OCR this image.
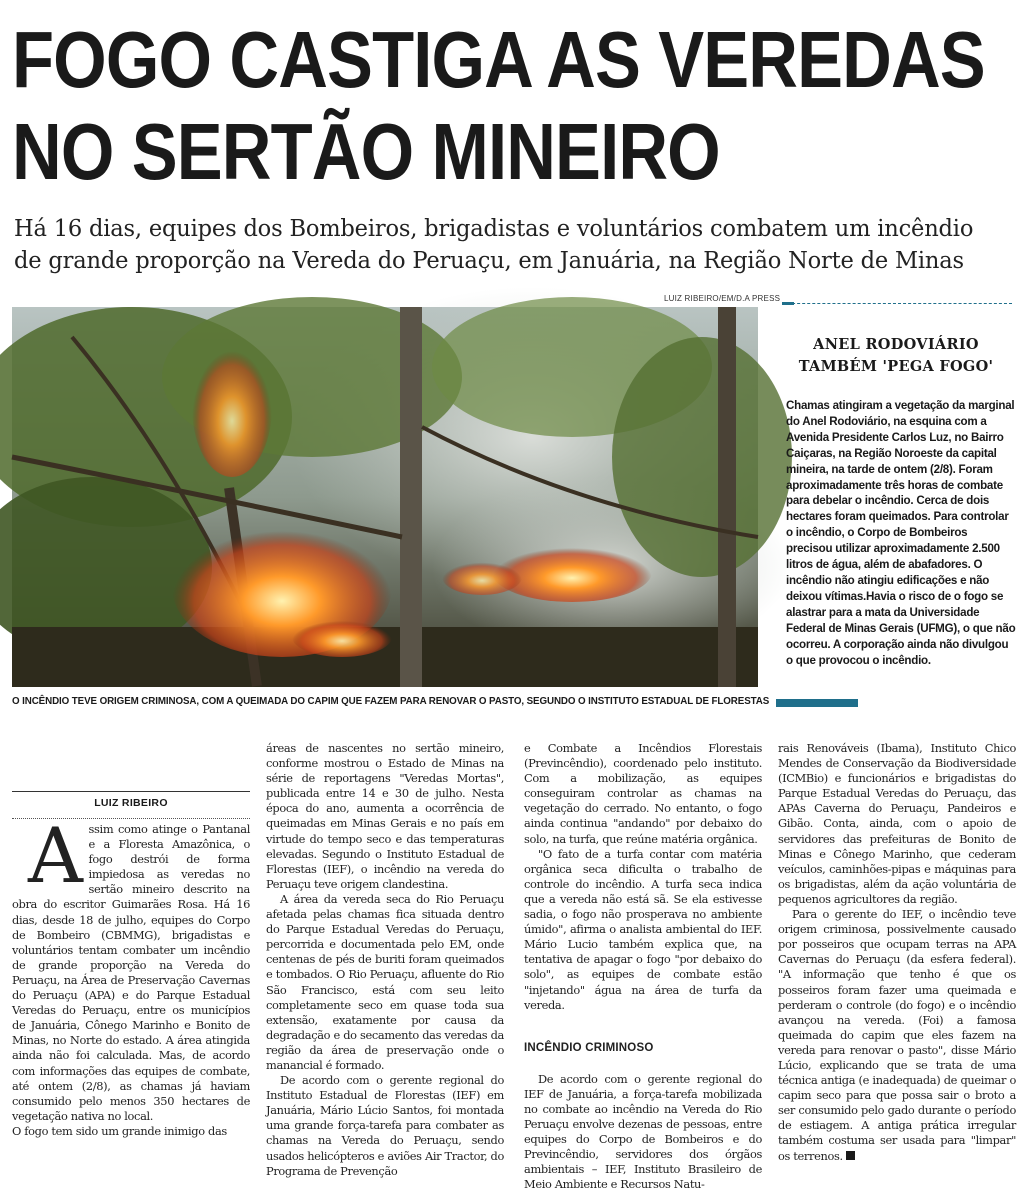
FOGO CASTIGA AS VEREDAS
NO SERTÃO MINEIRO

Há 16 dias, equipes dos Bombeiros, brigadistas e voluntários combatem um incêndio de grande proporção na Vereda do Peruaçu, em Januária, na Região Norte de Minas

LUIZ RIBEIRO/EM/D.A PRESS

O INCÊNDIO TEVE ORIGEM CRIMINOSA, COM A QUEIMADA DO CAPIM QUE FAZEM PARA RENOVAR O PASTO, SEGUNDO O INSTITUTO ESTADUAL DE FLORESTAS

ANEL RODOVIÁRIO
TAMBÉM 'PEGA FOGO'

Chamas atingiram a vegetação da marginal do Anel Rodoviário, na esquina com a Avenida Presidente Carlos Luz, no Bairro Caiçaras, na Região Noroeste da capital mineira, na tarde de ontem (2/8). Foram aproximadamente três horas de combate para debelar o incêndio. Cerca de dois hectares foram queimados. Para controlar o incêndio, o Corpo de Bombeiros precisou utilizar aproximadamente 2.500 litros de água, além de abafadores. O incêndio não atingiu edificações e não deixou vítimas.Havia o risco de o fogo se alastrar para a mata da Universidade Federal de Minas Gerais (UFMG), o que não ocorreu. A corporação ainda não divulgou o que provocou o incêndio.

LUIZ RIBEIRO
A ssim como atinge o Pantanal e a Floresta Amazônica, o fogo destrói de forma impiedosa as veredas no sertão mineiro descrito na obra do escritor Guimarães Rosa. Há 16 dias, desde 18 de julho, equipes do Corpo de Bombeiro (CBMMG), brigadistas e voluntários tentam combater um incêndio de grande proporção na Vereda do Peruaçu, na Área de Preservação Cavernas do Peruaçu (APA) e do Parque Estadual Veredas do Peruaçu, entre os municípios de Januária, Cônego Marinho e Bonito de Minas, no Norte do estado. A área atingida ainda não foi calculada. Mas, de acordo com informações das equipes de combate, até ontem (2/8), as chamas já haviam consumido pelo menos 350 hectares de vegetação nativa no local.

O fogo tem sido um grande inimigo das

áreas de nascentes no sertão mineiro, conforme mostrou o Estado de Minas na série de reportagens "Veredas Mortas", publicada entre 14 e 30 de julho. Nesta época do ano, aumenta a ocorrência de queimadas em Minas Gerais e no país em virtude do tempo seco e das temperaturas elevadas. Segundo o Instituto Estadual de Florestas (IEF), o incêndio na vereda do Peruaçu teve origem clandestina.

A área da vereda seca do Rio Peruaçu afetada pelas chamas fica situada dentro do Parque Estadual Veredas do Peruaçu, percorrida e documentada pelo EM, onde centenas de pés de buriti foram queimados e tombados. O Rio Peruaçu, afluente do Rio São Francisco, está com seu leito completamente seco em quase toda sua extensão, exatamente por causa da degradação e do secamento das veredas da região da área de preservação onde o manancial é formado.

De acordo com o gerente regional do Instituto Estadual de Florestas (IEF) em Januária, Mário Lúcio Santos, foi montada uma grande força-tarefa para combater as chamas na Vereda do Peruaçu, sendo usados helicópteros e aviões Air Tractor, do Programa de Prevenção

e Combate a Incêndios Florestais (Previncêndio), coordenado pelo instituto. Com a mobilização, as equipes conseguiram controlar as chamas na vegetação do cerrado. No entanto, o fogo ainda continua "andando" por debaixo do solo, na turfa, que reúne matéria orgânica.

"O fato de a turfa contar com matéria orgânica seca dificulta o trabalho de controle do incêndio. A turfa seca indica que a vereda não está sã. Se ela estivesse sadia, o fogo não prosperava no ambiente úmido", afirma o analista ambiental do IEF. Mário Lucio também explica que, na tentativa de apagar o fogo "por debaixo do solo", as equipes de combate estão "injetando" água na área de turfa da vereda.

INCÊNDIO CRIMINOSO

De acordo com o gerente regional do IEF de Januária, a força-tarefa mobilizada no combate ao incêndio na Vereda do Rio Peruaçu envolve dezenas de pessoas, entre equipes do Corpo de Bombeiros e do Previncêndio, servidores dos órgãos ambientais – IEF, Instituto Brasileiro de Meio Ambiente e Recursos Natu-

rais Renováveis (Ibama), Instituto Chico Mendes de Conservação da Biodiversidade (ICMBio) e funcionários e brigadistas do Parque Estadual Veredas do Peruaçu, das APAs Caverna do Peruaçu, Pandeiros e Gibão. Conta, ainda, com o apoio de servidores das prefeituras de Bonito de Minas e Cônego Marinho, que cederam veículos, caminhões-pipas e máquinas para os brigadistas, além da ação voluntária de pequenos agricultores da região.

Para o gerente do IEF, o incêndio teve origem criminosa, possivelmente causado por posseiros que ocupam terras na APA Cavernas do Peruaçu (da esfera federal). "A informação que tenho é que os posseiros foram fazer uma queimada e perderam o controle (do fogo) e o incêndio avançou na vereda. (Foi) a famosa queimada do capim que eles fazem na vereda para renovar o pasto", disse Mário Lúcio, explicando que se trata de uma técnica antiga (e inadequada) de queimar o capim seco para que possa sair o broto a ser consumido pelo gado durante o período de estiagem. A antiga prática irregular também costuma ser usada para "limpar" os terrenos.
